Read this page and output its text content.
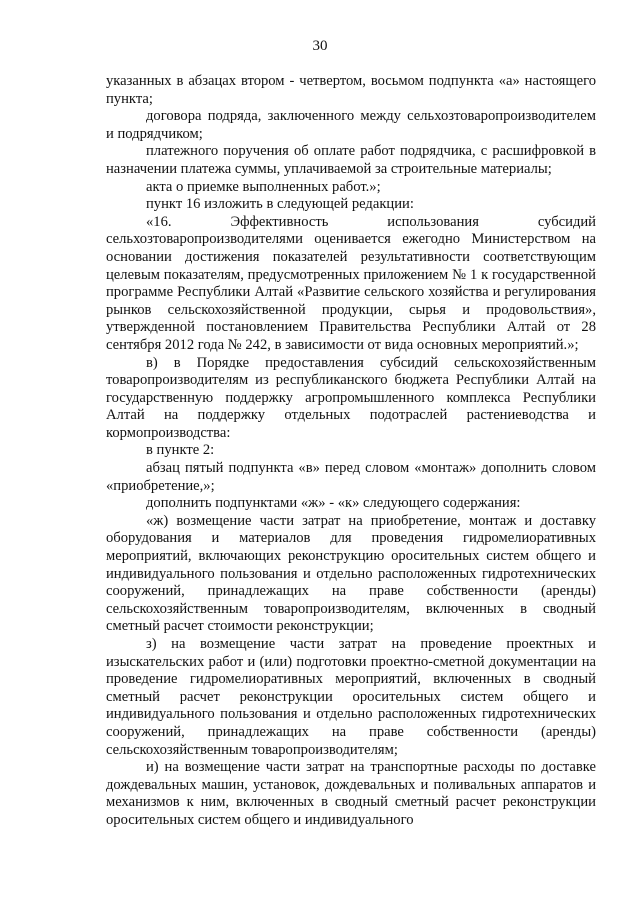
30

указанных в абзацах втором - четвертом, восьмом подпункта «а» настоящего пункта;

договора подряда, заключенного между сельхозтоваропроизводителем и подрядчиком;

платежного поручения об оплате работ подрядчика, с расшифровкой в назначении платежа суммы, уплачиваемой за строительные материалы;

акта о приемке выполненных работ.»;

пункт 16 изложить в следующей редакции:

«16. Эффективность использования субсидий сельхозтоваропроизводителями оценивается ежегодно Министерством на основании достижения показателей результативности соответствующим целевым показателям, предусмотренных приложением № 1 к государственной программе Республики Алтай «Развитие сельского хозяйства и регулирования рынков сельскохозяйственной продукции, сырья и продовольствия», утвержденной постановлением Правительства Республики Алтай от 28 сентября 2012 года № 242, в зависимости от вида основных мероприятий.»;

в) в Порядке предоставления субсидий сельскохозяйственным товаропроизводителям из республиканского бюджета Республики Алтай на государственную поддержку агропромышленного комплекса Республики Алтай на поддержку отдельных подотраслей растениеводства и кормопроизводства:

в пункте 2:

абзац пятый подпункта «в» перед словом «монтаж» дополнить словом «приобретение,»;

дополнить подпунктами «ж» - «к» следующего содержания:

«ж) возмещение части затрат на приобретение, монтаж и доставку оборудования и материалов для проведения гидромелиоративных мероприятий, включающих реконструкцию оросительных систем общего и индивидуального пользования и отдельно расположенных гидротехнических сооружений, принадлежащих на праве собственности (аренды) сельскохозяйственным товаропроизводителям, включенных в сводный сметный расчет стоимости реконструкции;

з) на возмещение части затрат на проведение проектных и изыскательских работ и (или) подготовки проектно-сметной документации на проведение гидромелиоративных мероприятий, включенных в сводный сметный расчет реконструкции оросительных систем общего и индивидуального пользования и отдельно расположенных гидротехнических сооружений, принадлежащих на праве собственности (аренды) сельскохозяйственным товаропроизводителям;

и) на возмещение части затрат на транспортные расходы по доставке дождевальных машин, установок, дождевальных и поливальных аппаратов и механизмов к ним, включенных в сводный сметный расчет реконструкции оросительных систем общего и индивидуального
